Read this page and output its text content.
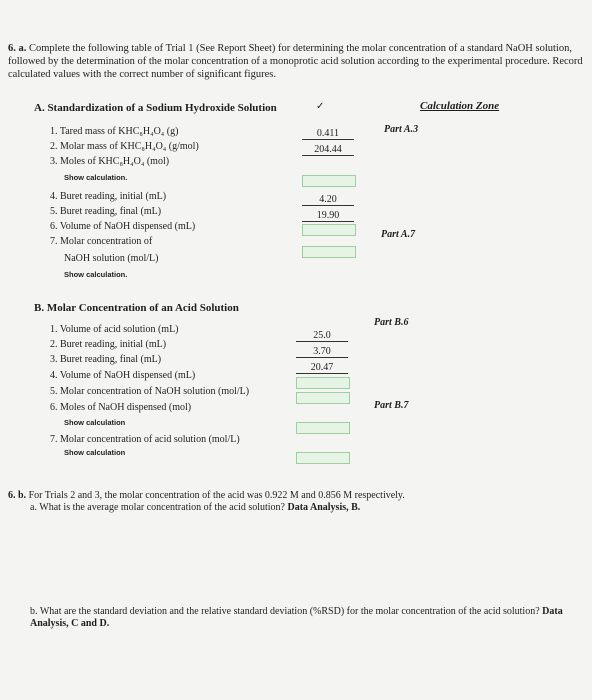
6. a. Complete the following table of Trial 1 (See Report Sheet) for determining the molar concentration of a standard NaOH solution, followed by the determination of the molar concentration of a monoprotic acid solution according to the experimental procedure. Record calculated values with the correct number of significant figures.
A. Standardization of a Sodium Hydroxide Solution	✓	Calculation Zone
1. Tared mass of KHC₈H₄O₄ (g)
2. Molar mass of KHC₈H₄O₄ (g/mol)
3. Moles of KHC₈H₄O₄ (mol)
Show calculation.
4. Buret reading, initial (mL)
5. Buret reading, final (mL)
6. Volume of NaOH dispensed (mL)
7. Molar concentration of
NaOH solution (mol/L)
Show calculation.
0.411
204.44
4.20
19.90
Part A.3
Part A.7
B. Molar Concentration of an Acid Solution
Part B.6
1. Volume of acid solution (mL)
2. Buret reading, initial (mL)
3. Buret reading, final (mL)
4. Volume of NaOH dispensed (mL)
5. Molar concentration of NaOH solution (mol/L)
6. Moles of NaOH dispensed (mol)
Show calculation
7. Molar concentration of acid solution (mol/L)
Show calculation
25.0
3.70
20.47
Part B.7
6. b. For Trials 2 and 3, the molar concentration of the acid was 0.922 M and 0.856 M respectively.
a. What is the average molar concentration of the acid solution? Data Analysis, B.
b. What are the standard deviation and the relative standard deviation (%RSD) for the molar concentration of the acid solution? Data Analysis, C and D.
